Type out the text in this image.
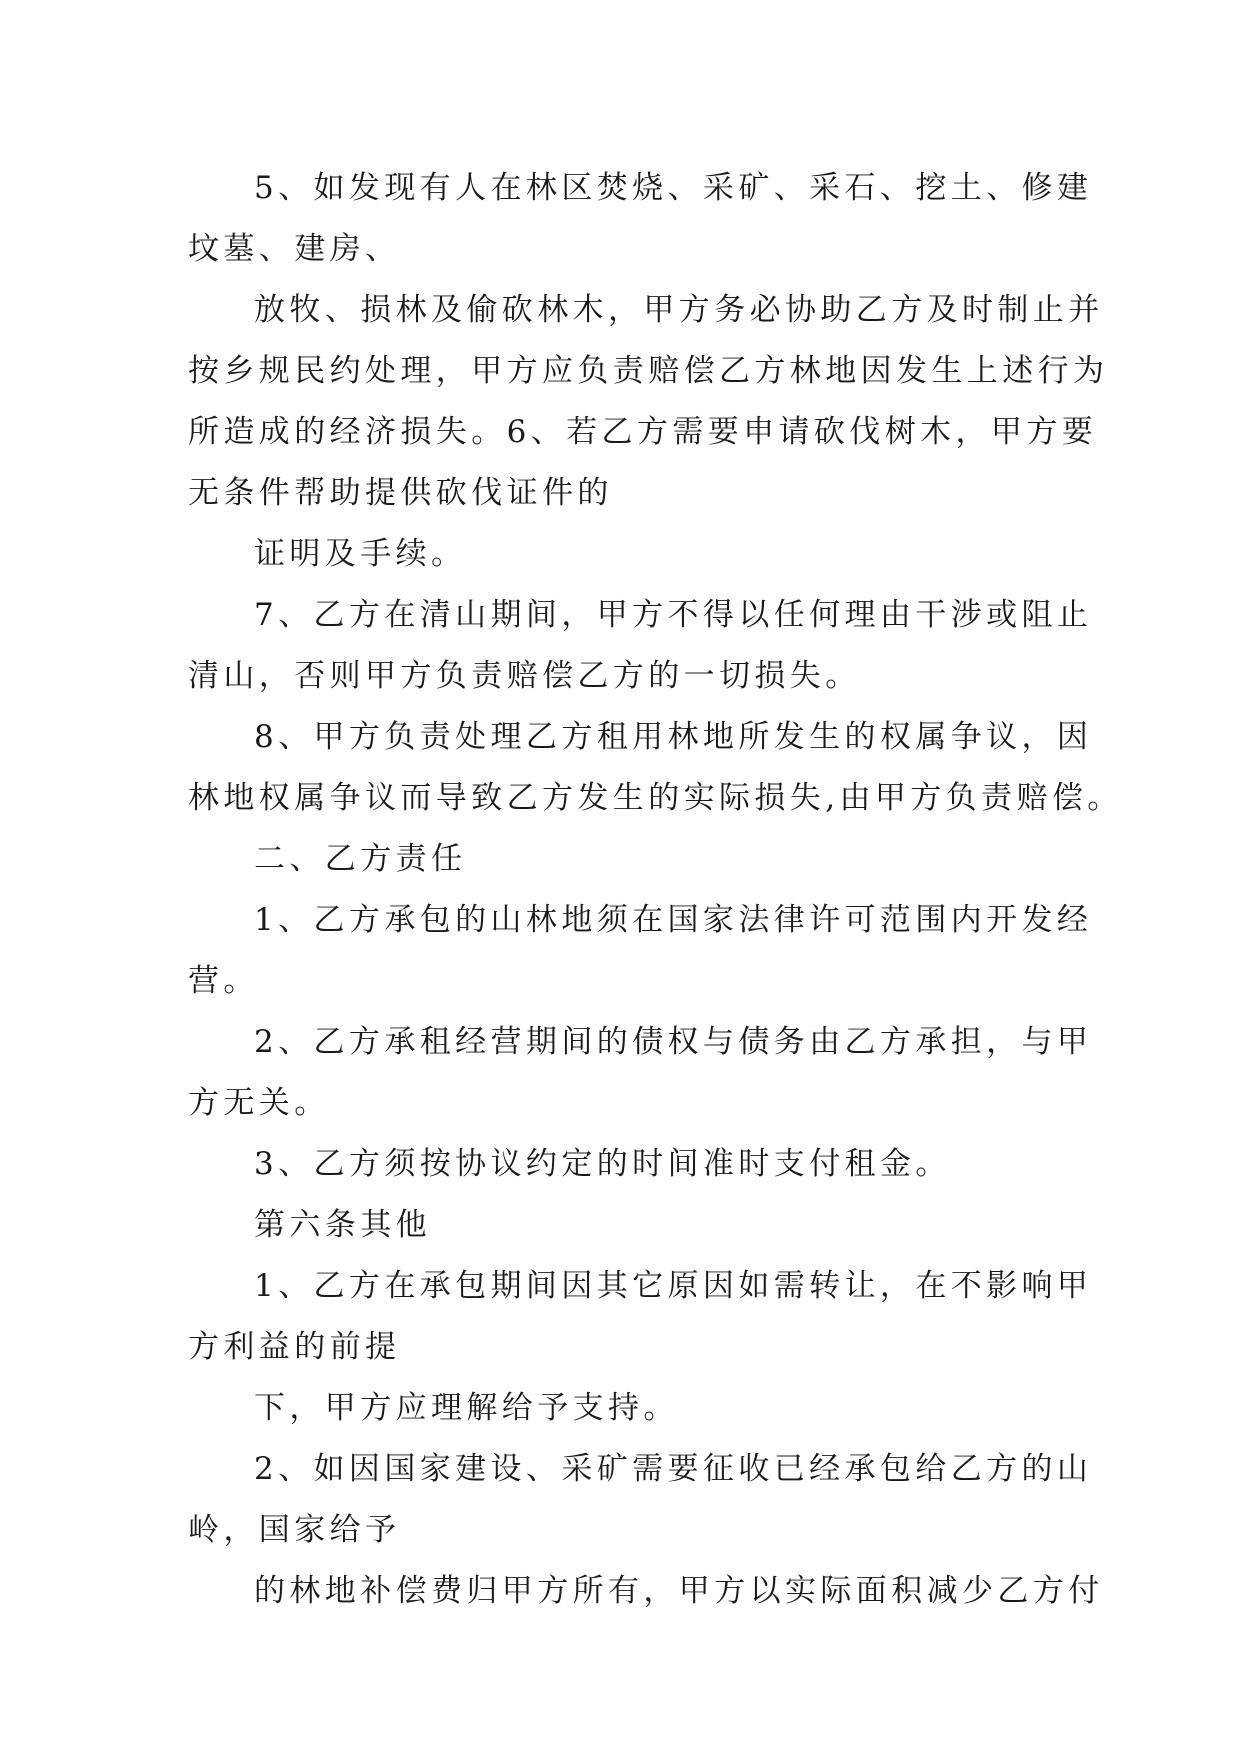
5、如发现有人在林区焚烧、采矿、采石、挖土、修建

坟墓、建房、

放牧、损林及偷砍林木，甲方务必协助乙方及时制止并

按乡规民约处理，甲方应负责赔偿乙方林地因发生上述行为

所造成的经济损失。6、若乙方需要申请砍伐树木，甲方要

无条件帮助提供砍伐证件的

证明及手续。

7、乙方在清山期间，甲方不得以任何理由干涉或阻止

清山，否则甲方负责赔偿乙方的一切损失。

8、甲方负责处理乙方租用林地所发生的权属争议，因

林地权属争议而导致乙方发生的实际损失,由甲方负责赔偿。

二、乙方责任

1、乙方承包的山林地须在国家法律许可范围内开发经

营。

2、乙方承租经营期间的债权与债务由乙方承担，与甲

方无关。

3、乙方须按协议约定的时间准时支付租金。

第六条其他

1、乙方在承包期间因其它原因如需转让，在不影响甲

方利益的前提

下，甲方应理解给予支持。

2、如因国家建设、采矿需要征收已经承包给乙方的山

岭，国家给予

的林地补偿费归甲方所有，甲方以实际面积减少乙方付
